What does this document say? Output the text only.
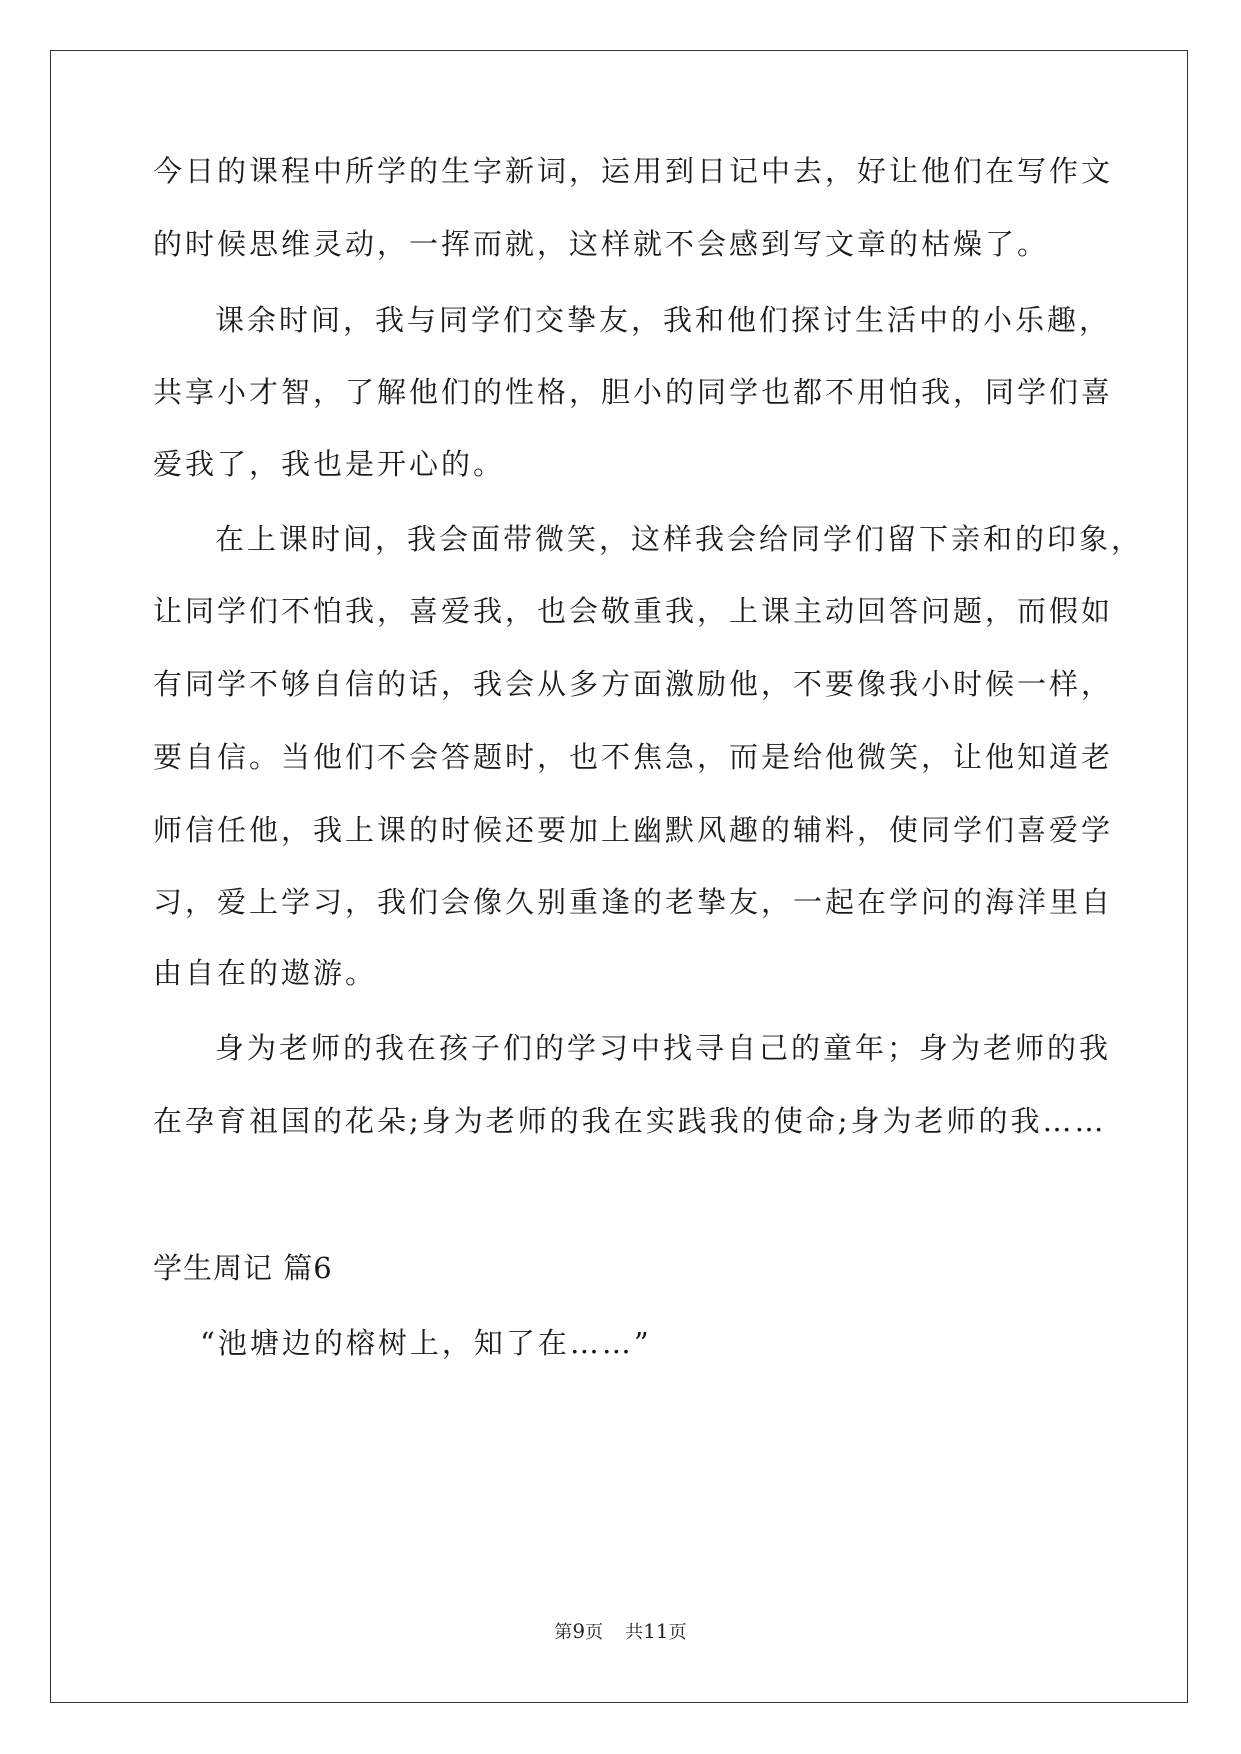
今日的课程中所学的生字新词，运用到日记中去，好让他们在写作文
的时候思维灵动，一挥而就，这样就不会感到写文章的枯燥了。
课余时间，我与同学们交挚友，我和他们探讨生活中的小乐趣，
共享小才智，了解他们的性格，胆小的同学也都不用怕我，同学们喜
爱我了，我也是开心的。
在上课时间，我会面带微笑，这样我会给同学们留下亲和的印象，
让同学们不怕我，喜爱我，也会敬重我，上课主动回答问题，而假如
有同学不够自信的话，我会从多方面激励他，不要像我小时候一样，
要自信。当他们不会答题时，也不焦急，而是给他微笑，让他知道老
师信任他，我上课的时候还要加上幽默风趣的辅料，使同学们喜爱学
习，爱上学习，我们会像久别重逢的老挚友，一起在学问的海洋里自
由自在的遨游。
身为老师的我在孩子们的学习中找寻自己的童年；身为老师的我
在孕育祖国的花朵;身为老师的我在实践我的使命;身为老师的我……
学生周记 篇6
“池塘边的榕树上，知了在……”
第9页 共11页
